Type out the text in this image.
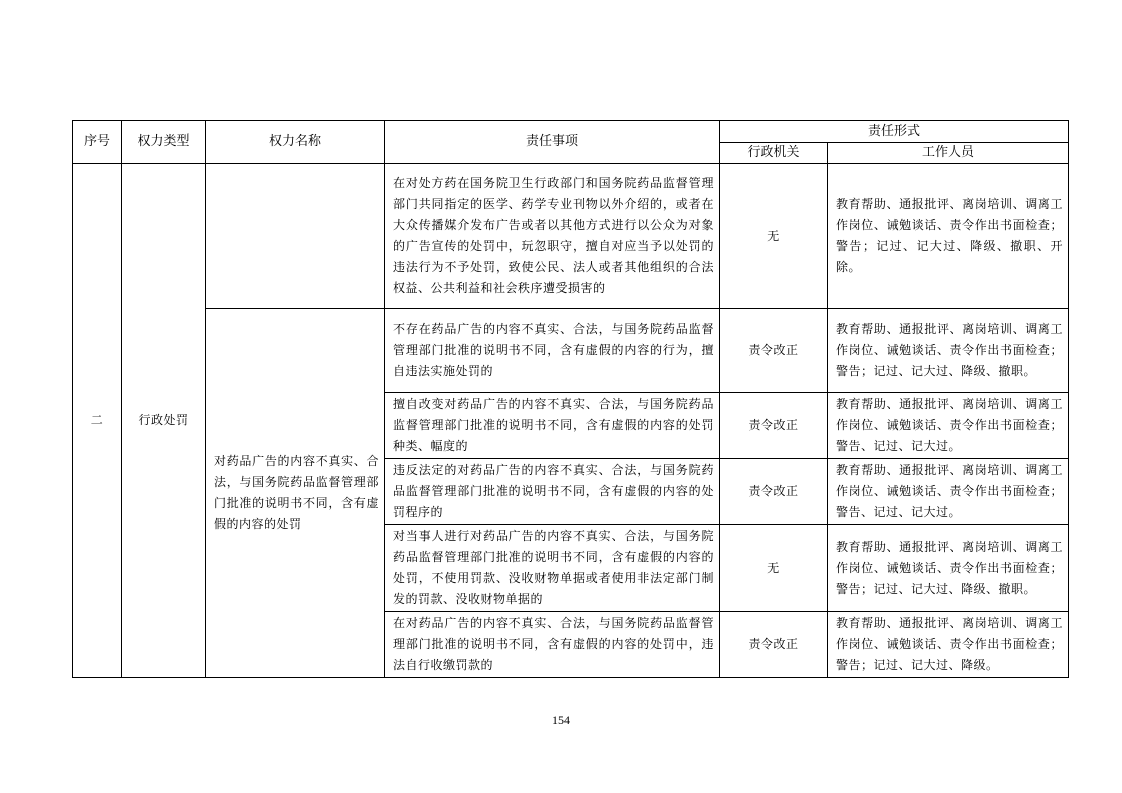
序号	权力类型	权力名称	责任事项	责任形式	
				行政机关	工作人员
二	行政处罚		在对处方药在国务院卫生行政部门和国务院药品监督管理部门共同指定的医学、药学专业刊物以外介绍的，或者在大众传播媒介发布广告或者以其他方式进行以公众为对象的广告宣传的处罚中，玩忽职守，擅自对应当予以处罚的违法行为不予处罚，致使公民、法人或者其他组织的合法权益、公共利益和社会秩序遭受损害的	无	教育帮助、通报批评、离岗培训、调离工作岗位、诫勉谈话、责令作出书面检查；警告；记过、记大过、降级、撤职、开除。
		对药品广告的内容不真实、合法，与国务院药品监督管理部门批准的说明书不同，含有虚假的内容的处罚	不存在药品广告的内容不真实、合法，与国务院药品监督管理部门批准的说明书不同，含有虚假的内容的行为，擅自违法实施处罚的	责令改正	教育帮助、通报批评、离岗培训、调离工作岗位、诫勉谈话、责令作出书面检查；警告；记过、记大过、降级、撤职。
			擅自改变对药品广告的内容不真实、合法，与国务院药品监督管理部门批准的说明书不同，含有虚假的内容的处罚种类、幅度的	责令改正	教育帮助、通报批评、离岗培训、调离工作岗位、诫勉谈话、责令作出书面检查；警告、记过、记大过。
			违反法定的对药品广告的内容不真实、合法，与国务院药品监督管理部门批准的说明书不同，含有虚假的内容的处罚程序的	责令改正	教育帮助、通报批评、离岗培训、调离工作岗位、诫勉谈话、责令作出书面检查；警告、记过、记大过。
			对当事人进行对药品广告的内容不真实、合法，与国务院药品监督管理部门批准的说明书不同，含有虚假的内容的处罚，不使用罚款、没收财物单据或者使用非法定部门制发的罚款、没收财物单据的	无	教育帮助、通报批评、离岗培训、调离工作岗位、诫勉谈话、责令作出书面检查；警告；记过、记大过、降级、撤职。
			在对药品广告的内容不真实、合法，与国务院药品监督管理部门批准的说明书不同，含有虚假的内容的处罚中，违法自行收缴罚款的	责令改正	教育帮助、通报批评、离岗培训、调离工作岗位、诫勉谈话、责令作出书面检查；警告；记过、记大过、降级。
154
